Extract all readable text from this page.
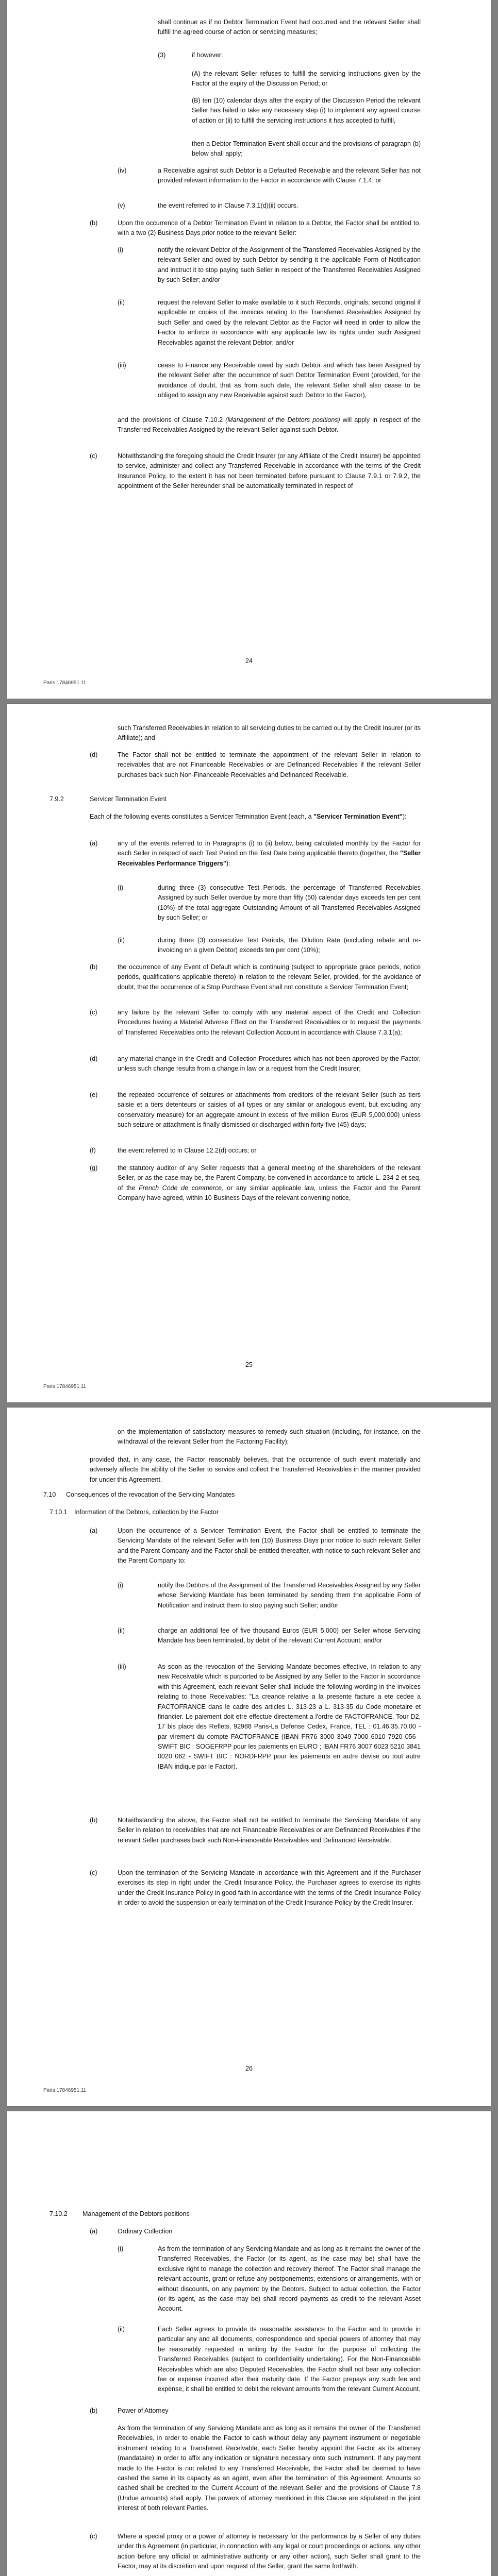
shall continue as if no Debtor Termination Event had occurred and the relevant Seller shall fulfill the agreed course of action or servicing measures;
(3)	if however:
(A) the relevant Seller refuses to fulfill the servicing instructions given by the Factor at the expiry of the Discussion Period; or
(B) ten (10) calendar days after the expiry of the Discussion Period the relevant Seller has failed to take any necessary step (i) to implement any agreed course of action or (ii) to fulfill the servicing instructions it has accepted to fulfill,
then a Debtor Termination Event shall occur and the provisions of paragraph (b) below shall apply;
(iv)	a Receivable against such Debtor is a Defaulted Receivable and the relevant Seller has not provided relevant information to the Factor in accordance with Clause 7.1.4; or
(v)	the event referred to in Clause 7.3.1(d)(ii) occurs.
(b)	Upon the occurrence of a Debtor Termination Event in relation to a Debtor, the Factor shall be entitled to, with a two (2) Business Days prior notice to the relevant Seller:
(i)	notify the relevant Debtor of the Assignment of the Transferred Receivables Assigned by the relevant Seller and owed by such Debtor by sending it the applicable Form of Notification and instruct it to stop paying such Seller in respect of the Transferred Receivables Assigned by such Seller; and/or
(ii)	request the relevant Seller to make available to it such Records, originals, second original if applicable or copies of the invoices relating to the Transferred Receivables Assigned by such Seller and owed by the relevant Debtor as the Factor will need in order to allow the Factor to enforce in accordance with any applicable law its rights under such Assigned Receivables against the relevant Debtor; and/or
(iii)	cease to Finance any Receivable owed by such Debtor and which has been Assigned by the relevant Seller after the occurrence of such Debtor Termination Event (provided, for the avoidance of doubt, that as from such date, the relevant Seller shall also cease to be obliged to assign any new Receivable against such Debtor to the Factor),
and the provisions of Clause 7.10.2 (Management of the Debtors positions) will apply in respect of the Transferred Receivables Assigned by the relevant Seller against such Debtor.
(c)	Notwithstanding the foregoing should the Credit Insurer (or any Affiliate of the Credit Insurer) be appointed to service, administer and collect any Transferred Receivable in accordance with the terms of the Credit Insurance Policy, to the extent it has not been terminated before pursuant to Clause 7.9.1 or 7.9.2, the appointment of the Seller hereunder shall be automatically terminated in respect of
24
Paris 17846951.11
such Transferred Receivables in relation to all servicing duties to be carried out by the Credit Insurer (or its Affiliate); and
(d)	The Factor shall not be entitled to terminate the appointment of the relevant Seller in relation to receivables that are not Financeable Receivables or are Definanced Receivables if the relevant Seller purchases back such Non-Financeable Receivables and Definanced Receivable.
7.9.2	Servicer Termination Event
Each of the following events constitutes a Servicer Termination Event (each, a "Servicer Termination Event"):
(a)	any of the events referred to in Paragraphs (i) to (ii) below, being calculated monthly by the Factor for each Seller in respect of each Test Period on the Test Date being applicable thereto (together, the "Seller Receivables Performance Triggers"):
(i)	during three (3) consecutive Test Periods, the percentage of Transferred Receivables Assigned by such Seller overdue by more than fifty (50) calendar days exceeds ten per cent (10%) of the total aggregate Outstanding Amount of all Transferred Receivables Assigned by such Seller; or
(ii)	during three (3) consecutive Test Periods, the Dilution Rate (excluding rebate and re-invoicing on a given Debtor) exceeds ten per cent (10%);
(b)	the occurrence of any Event of Default which is continuing (subject to appropriate grace periods, notice periods, qualifications applicable thereto) in relation to the relevant Seller, provided, for the avoidance of doubt, that the occurrence of a Stop Purchase Event shall not constitute a Servicer Termination Event;
(c)	any failure by the relevant Seller to comply with any material aspect of the Credit and Collection Procedures having a Material Adverse Effect on the Transferred Receivables or to request the payments of Transferred Receivables onto the relevant Collection Account in accordance with Clause 7.3.1(a);
(d)	any material change in the Credit and Collection Procedures which has not been approved by the Factor, unless such change results from a change in law or a request from the Credit Insurer;
(e)	the repeated occurrence of seizures or attachments from creditors of the relevant Seller (such as tiers saisie et a tiers detenteurs or saisies of all types or any similar or analogous event, but excluding any conservatory measure) for an aggregate amount in excess of five million Euros (EUR 5,000,000) unless such seizure or attachment is finally dismissed or discharged within forty-five (45) days;
(f)	the event referred to in Clause 12.2(d) occurs; or
(g)	the statutory auditor of any Seller requests that a general meeting of the shareholders of the relevant Seller, or as the case may be, the Parent Company, be convened in accordance to article L. 234-2 et seq. of the French Code de commerce, or any similar applicable law, unless the Factor and the Parent Company have agreed, within 10 Business Days of the relevant convening notice,
25
Paris 17846951.11
on the implementation of satisfactory measures to remedy such situation (including, for instance, on the withdrawal of the relevant Seller from the Factoring Facility);
provided that, in any case, the Factor reasonably believes, that the occurrence of such event materially and adversely affects the ability of the Seller to service and collect the Transferred Receivables in the manner provided for under this Agreement.
7.10 Consequences of the revocation of the Servicing Mandates
7.10.1 Information of the Debtors, collection by the Factor
(a)	Upon the occurrence of a Servicer Termination Event, the Factor shall be entitled to terminate the Servicing Mandate of the relevant Seller with ten (10) Business Days prior notice to such relevant Seller and the Parent Company and the Factor shall be entitled thereafter, with notice to such relevant Seller and the Parent Company to:
(i)	notify the Debtors of the Assignment of the Transferred Receivables Assigned by any Seller whose Servicing Mandate has been terminated by sending them the applicable Form of Notification and instruct them to stop paying such Seller; and/or
(ii)	charge an additional fee of five thousand Euros (EUR 5,000) per Seller whose Servicing Mandate has been terminated, by debit of the relevant Current Account; and/or
(iii)	As soon as the revocation of the Servicing Mandate becomes effective, in relation to any new Receivable which is purported to be Assigned by any Seller to the Factor in accordance with this Agreement, each relevant Seller shall include the following wording in the invoices relating to those Receivables: "La creance relative a la presente facture a ete cedee a FACTOFRANCE dans le cadre des articles L. 313-23 a L. 313-35 du Code monetaire et financier. Le paiement doit etre effectue directement a l'ordre de FACTOFRANCE, Tour D2, 17 bis place des Reflets, 92988 Paris-La Defense Cedex, France, TEL : 01.46.35.70.00 - par virement du compte FACTOFRANCE (IBAN FR76 3000 3049 7000 6010 7920 056 - SWIFT BIC : SOGEFRPP pour les paiements en EURO ; IBAN FR76 3007 6023 5210 3841 0020 062 - SWIFT BIC : NORDFRPP pour les paiements en autre devise ou tout autre IBAN indique par le Factor).
(b)	Notwithstanding the above, the Factor shall not be entitled to terminate the Servicing Mandate of any Seller in relation to receivables that are not Financeable Receivables or are Definanced Receivables if the relevant Seller purchases back such Non-Financeable Receivables and Definanced Receivable.
(c)	Upon the termination of the Servicing Mandate in accordance with this Agreement and if the Purchaser exercises its step in right under the Credit Insurance Policy, the Purchaser agrees to exercise its rights under the Credit Insurance Policy in good faith in accordance with the terms of the Credit Insurance Policy in order to avoid the suspension or early termination of the Credit Insurance Policy by the Credit Insurer.
26
Paris 17846951.11
7.10.2 Management of the Debtors positions
(a)	Ordinary Collection
(i)	As from the termination of any Servicing Mandate and as long as it remains the owner of the Transferred Receivables, the Factor (or its agent, as the case may be) shall have the exclusive right to manage the collection and recovery thereof. The Factor shall manage the relevant accounts, grant or refuse any postponements, extensions or arrangements, with or without discounts, on any payment by the Debtors. Subject to actual collection, the Factor (or its agent, as the case may be) shall record payments as credit to the relevant Asset Account.
(ii)	Each Seller agrees to provide its reasonable assistance to the Factor and to provide in particular any and all documents, correspondence and special powers of attorney that may be reasonably requested in writing by the Factor for the purpose of collecting the Transferred Receivables (subject to confidentiality undertaking). For the Non-Financeable Receivables which are also Disputed Receivables, the Factor shall not bear any collection fee or expense incurred after their maturity date. If the Factor prepays any such fee and expense, it shall be entitled to debit the relevant amounts from the relevant Current Account.
(b)	Power of Attorney
As from the termination of any Servicing Mandate and as long as it remains the owner of the Transferred Receivables, in order to enable the Factor to cash without delay any payment instrument or negotiable instrument relating to a Transferred Receivable, each Seller hereby appoint the Factor as its attorney (mandataire) in order to affix any indication or signature necessary onto such instrument. If any payment made to the Factor is not related to any Transferred Receivable, the Factor shall be deemed to have cashed the same in its capacity as an agent, even after the termination of this Agreement. Amounts so cashed shall be credited to the Current Account of the relevant Seller and the provisions of Clause 7.8 (Undue amounts) shall apply. The powers of attorney mentioned in this Clause are stipulated in the joint interest of both relevant Parties.
(c)	Where a special proxy or a power of attorney is necessary for the performance by a Seller of any duties under this Agreement (in particular, in connection with any legal or court proceedings or actions, any other action before any official or administrative authority or any other action), such Seller shall grant to the Factor, may at its discretion and upon request of the Seller, grant the same forthwith.
